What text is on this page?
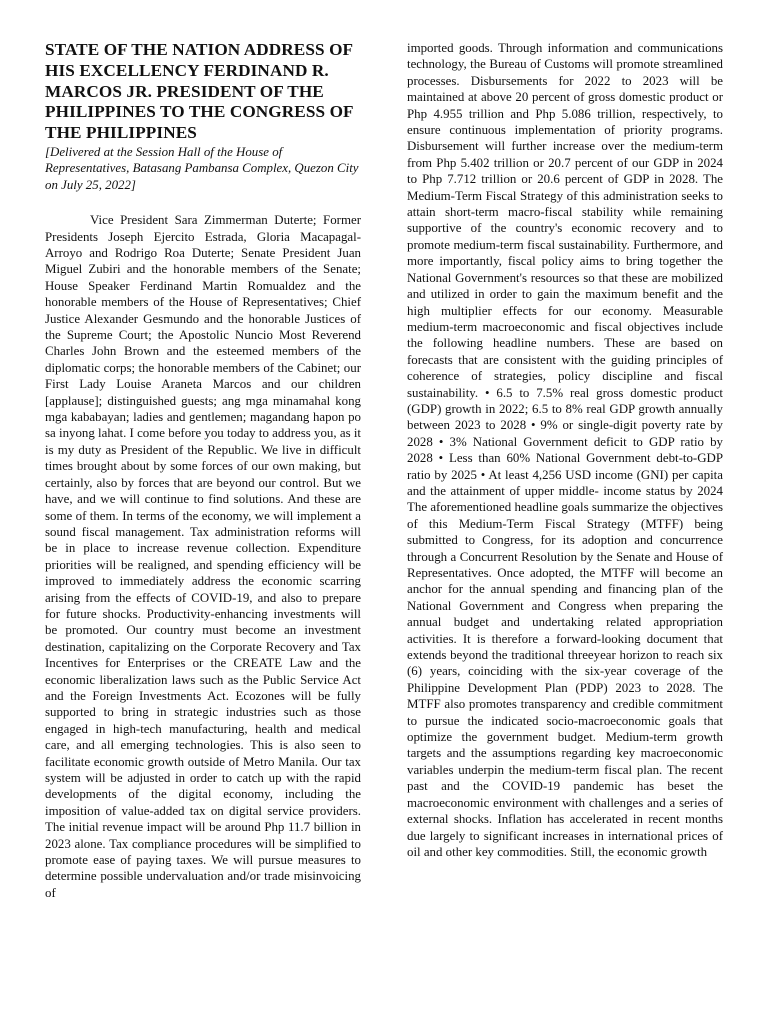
STATE OF THE NATION ADDRESS OF HIS EXCELLENCY FERDINAND R. MARCOS JR. PRESIDENT OF THE PHILIPPINES TO THE CONGRESS OF THE PHILIPPINES

[Delivered at the Session Hall of the House of Representatives, Batasang Pambansa Complex, Quezon City on July 25, 2022]

Vice President Sara Zimmerman Duterte; Former Presidents Joseph Ejercito Estrada, Gloria Macapagal-Arroyo and Rodrigo Roa Duterte; Senate President Juan Miguel Zubiri and the honorable members of the Senate; House Speaker Ferdinand Martin Romualdez and the honorable members of the House of Representatives; Chief Justice Alexander Gesmundo and the honorable Justices of the Supreme Court; the Apostolic Nuncio Most Reverend Charles John Brown and the esteemed members of the diplomatic corps; the honorable members of the Cabinet; our First Lady Louise Araneta Marcos and our children [applause]; distinguished guests; ang mga minamahal kong mga kababayan; ladies and gentlemen; magandang hapon po sa inyong lahat. I come before you today to address you, as it is my duty as President of the Republic. We live in difficult times brought about by some forces of our own making, but certainly, also by forces that are beyond our control. But we have, and we will continue to find solutions. And these are some of them. In terms of the economy, we will implement a sound fiscal management. Tax administration reforms will be in place to increase revenue collection. Expenditure priorities will be realigned, and spending efficiency will be improved to immediately address the economic scarring arising from the effects of COVID-19, and also to prepare for future shocks. Productivity-enhancing investments will be promoted. Our country must become an investment destination, capitalizing on the Corporate Recovery and Tax Incentives for Enterprises or the CREATE Law and the economic liberalization laws such as the Public Service Act and the Foreign Investments Act. Ecozones will be fully supported to bring in strategic industries such as those engaged in high-tech manufacturing, health and medical care, and all emerging technologies. This is also seen to facilitate economic growth outside of Metro Manila. Our tax system will be adjusted in order to catch up with the rapid developments of the digital economy, including the imposition of value-added tax on digital service providers. The initial revenue impact will be around Php 11.7 billion in 2023 alone. Tax compliance procedures will be simplified to promote ease of paying taxes. We will pursue measures to determine possible undervaluation and/or trade misinvoicing of

imported goods. Through information and communications technology, the Bureau of Customs will promote streamlined processes. Disbursements for 2022 to 2023 will be maintained at above 20 percent of gross domestic product or Php 4.955 trillion and Php 5.086 trillion, respectively, to ensure continuous implementation of priority programs. Disbursement will further increase over the medium-term from Php 5.402 trillion or 20.7 percent of our GDP in 2024 to Php 7.712 trillion or 20.6 percent of GDP in 2028. The Medium-Term Fiscal Strategy of this administration seeks to attain short-term macro-fiscal stability while remaining supportive of the country's economic recovery and to promote medium-term fiscal sustainability. Furthermore, and more importantly, fiscal policy aims to bring together the National Government's resources so that these are mobilized and utilized in order to gain the maximum benefit and the high multiplier effects for our economy. Measurable medium-term macroeconomic and fiscal objectives include the following headline numbers. These are based on forecasts that are consistent with the guiding principles of coherence of strategies, policy discipline and fiscal sustainability. • 6.5 to 7.5% real gross domestic product (GDP) growth in 2022; 6.5 to 8% real GDP growth annually between 2023 to 2028 • 9% or single-digit poverty rate by 2028 • 3% National Government deficit to GDP ratio by 2028 • Less than 60% National Government debt-to-GDP ratio by 2025 • At least 4,256 USD income (GNI) per capita and the attainment of upper middle- income status by 2024 The aforementioned headline goals summarize the objectives of this Medium-Term Fiscal Strategy (MTFF) being submitted to Congress, for its adoption and concurrence through a Concurrent Resolution by the Senate and House of Representatives. Once adopted, the MTFF will become an anchor for the annual spending and financing plan of the National Government and Congress when preparing the annual budget and undertaking related appropriation activities. It is therefore a forward-looking document that extends beyond the traditional threeyear horizon to reach six (6) years, coinciding with the six-year coverage of the Philippine Development Plan (PDP) 2023 to 2028. The MTFF also promotes transparency and credible commitment to pursue the indicated socio-macroeconomic goals that optimize the government budget. Medium-term growth targets and the assumptions regarding key macroeconomic variables underpin the medium-term fiscal plan. The recent past and the COVID-19 pandemic has beset the macroeconomic environment with challenges and a series of external shocks. Inflation has accelerated in recent months due largely to significant increases in international prices of oil and other key commodities. Still, the economic growth
